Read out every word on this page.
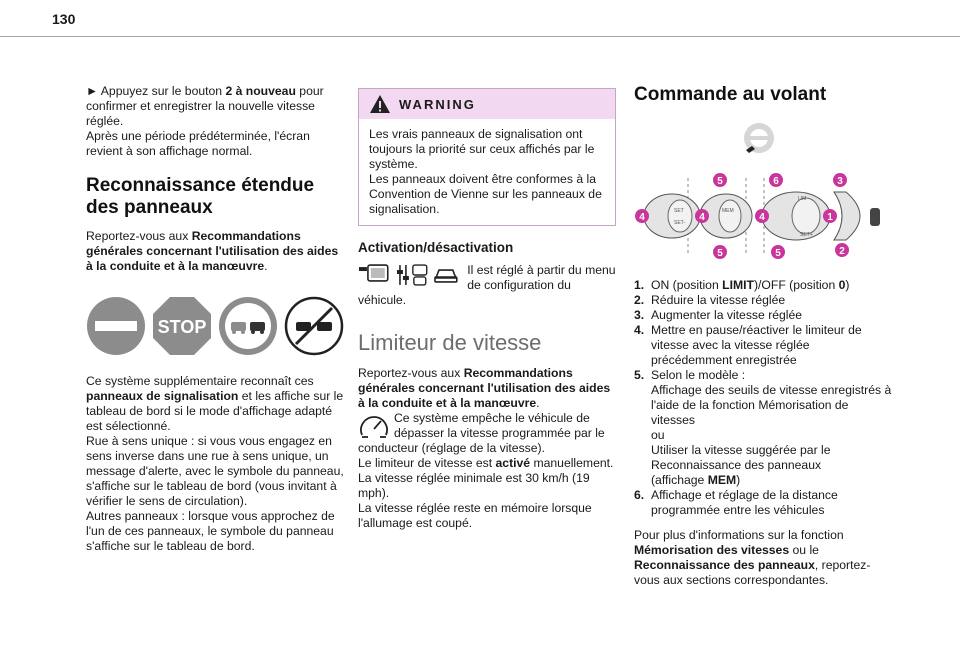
130

► Appuyez sur le bouton 2 à nouveau pour confirmer et enregistrer la nouvelle vitesse réglée.

Après une période prédéterminée, l'écran revient à son affichage normal.

Reconnaissance étendue des panneaux

Reportez-vous aux Recommandations générales concernant l'utilisation des aides à la conduite et à la manœuvre.

STOP

Ce système supplémentaire reconnaît ces panneaux de signalisation et les affiche sur le tableau de bord si le mode d'affichage adapté est sélectionné.

Rue à sens unique : si vous vous engagez en sens inverse dans une rue à sens unique, un message d'alerte, avec le symbole du panneau, s'affiche sur le tableau de bord (vous invitant à vérifier le sens de circulation).

Autres panneaux : lorsque vous approchez de l'un de ces panneaux, le symbole du panneau s'affiche sur le tableau de bord.

WARNING

Les vrais panneaux de signalisation ont toujours la priorité sur ceux affichés par le système.

Les panneaux doivent être conformes à la Convention de Vienne sur les panneaux de signalisation.

Activation/désactivation

Il est réglé à partir du menu de configuration du

véhicule.

Limiteur de vitesse

Reportez-vous aux Recommandations générales concernant l'utilisation des aides à la conduite et à la manœuvre.

Ce système empêche le véhicule de dépasser la vitesse programmée par le

conducteur (réglage de la vitesse).

Le limiteur de vitesse est activé manuellement.

La vitesse réglée minimale est 30 km/h (19 mph).

La vitesse réglée reste en mémoire lorsque l'allumage est coupé.

Commande au volant
SET	MEM
LIM
SET-
SET+
5	6	3
4	4	4	1
5	5	2
1. ON (position LIMIT)/OFF (position 0)
2. Réduire la vitesse réglée
3. Augmenter la vitesse réglée
4. Mettre en pause/réactiver le limiteur de vitesse avec la vitesse réglée précédemment enregistrée
5. Selon le modèle :

Affichage des seuils de vitesse enregistrés à l'aide de la fonction Mémorisation de vitesses

ou

Utiliser la vitesse suggérée par le Reconnaissance des panneaux

(affichage MEM)

6. Affichage et réglage de la distance programmée entre les véhicules

Pour plus d'informations sur la fonction Mémorisation des vitesses ou le Reconnaissance des panneaux, reportez-vous aux sections correspondantes.
